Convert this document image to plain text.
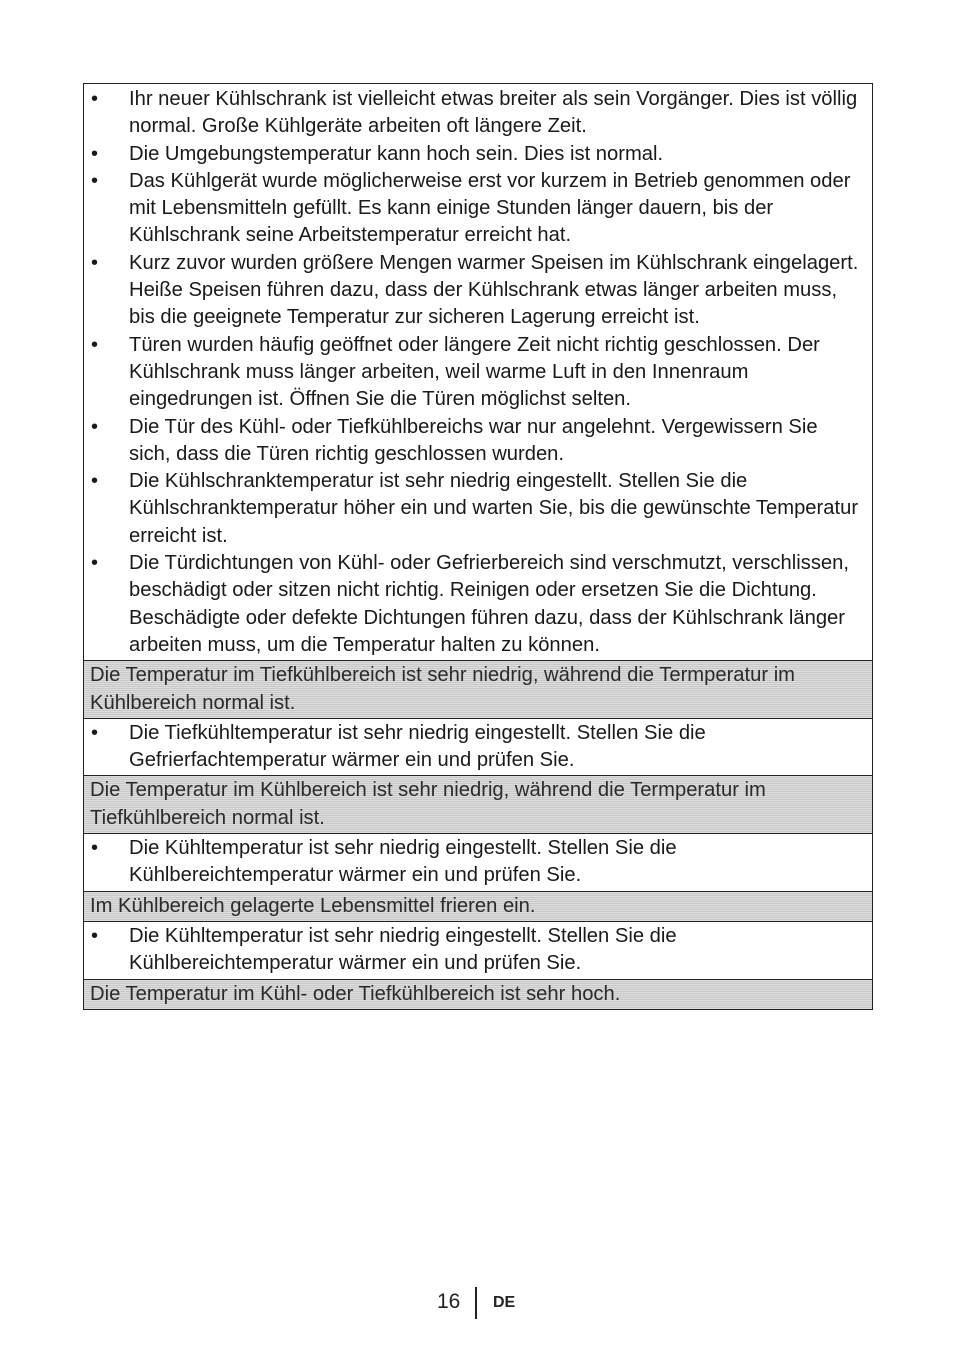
• Ihr neuer Kühlschrank ist vielleicht etwas breiter als sein Vorgänger. Dies ist völlig normal. Große Kühlgeräte arbeiten oft längere Zeit.
• Die Umgebungstemperatur kann hoch sein. Dies ist normal.
• Das Kühlgerät wurde möglicherweise erst vor kurzem in Betrieb genommen oder mit Lebensmitteln gefüllt. Es kann einige Stunden länger dauern, bis der Kühlschrank seine Arbeitstemperatur erreicht hat.
• Kurz zuvor wurden größere Mengen warmer Speisen im Kühlschrank eingelagert. Heiße Speisen führen dazu, dass der Kühlschrank etwas länger arbeiten muss, bis die geeignete Temperatur zur sicheren Lagerung erreicht ist.
• Türen wurden häufig geöffnet oder längere Zeit nicht richtig geschlossen. Der Kühlschrank muss länger arbeiten, weil warme Luft in den Innenraum eingedrungen ist. Öffnen Sie die Türen möglichst selten.
• Die Tür des Kühl- oder Tiefkühlbereichs war nur angelehnt. Vergewissern Sie sich, dass die Türen richtig geschlossen wurden.
• Die Kühlschranktemperatur ist sehr niedrig eingestellt. Stellen Sie die Kühlschranktemperatur höher ein und warten Sie, bis die gewünschte Temperatur erreicht ist.
• Die Türdichtungen von Kühl- oder Gefrierbereich sind verschmutzt, verschlissen, beschädigt oder sitzen nicht richtig. Reinigen oder ersetzen Sie die Dichtung. Beschädigte oder defekte Dichtungen führen dazu, dass der Kühlschrank länger arbeiten muss, um die Temperatur halten zu können.
Die Temperatur im Tiefkühlbereich ist sehr niedrig, während die Termperatur im Kühlbereich normal ist.
• Die Tiefkühltemperatur ist sehr niedrig eingestellt. Stellen Sie die Gefrierfachtemperatur wärmer ein und prüfen Sie.
Die Temperatur im Kühlbereich ist sehr niedrig, während die Termperatur im Tiefkühlbereich normal ist.
• Die Kühltemperatur ist sehr niedrig eingestellt. Stellen Sie die Kühlbereichtemperatur wärmer ein und prüfen Sie.
Im Kühlbereich gelagerte Lebensmittel frieren ein.
• Die Kühltemperatur ist sehr niedrig eingestellt. Stellen Sie die Kühlbereichtemperatur wärmer ein und prüfen Sie.
Die Temperatur im Kühl- oder Tiefkühlbereich ist sehr hoch.
16 DE
